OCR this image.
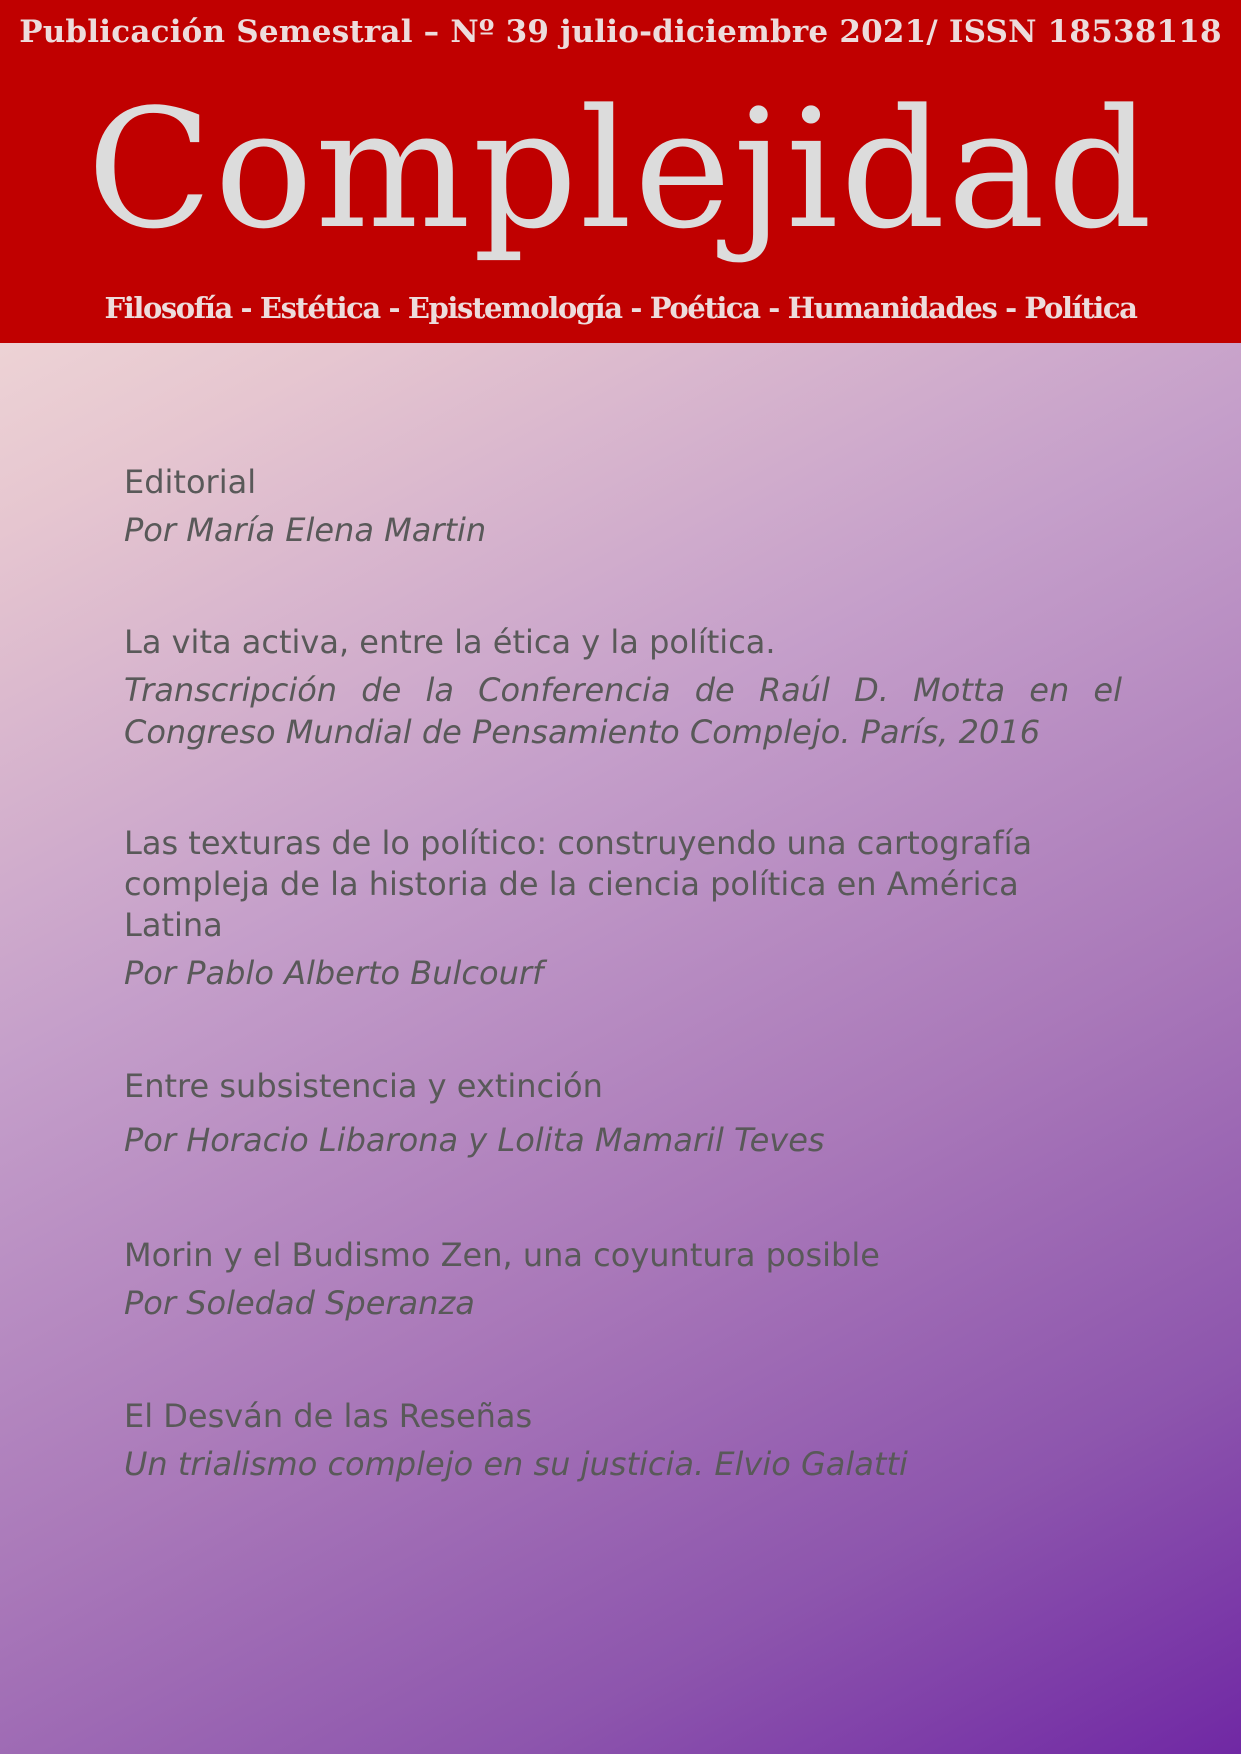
Publicación Semestral – Nº 39 julio-diciembre 2021/ ISSN 18538118
Complejidad
Filosofía - Estética - Epistemología - Poética - Humanidades - Política

Editorial

Por María Elena Martin

La vita activa, entre la ética y la política.

Transcripción de la Conferencia de Raúl D. Motta en el Congreso Mundial de Pensamiento Complejo. París, 2016

Las texturas de lo político: construyendo una cartografía compleja de la historia de la ciencia política en América Latina

Por Pablo Alberto Bulcourf

Entre subsistencia y extinción

Por Horacio Libarona y Lolita Mamaril Teves

Morin y el Budismo Zen, una coyuntura posible

Por Soledad Speranza

El Desván de las Reseñas

Un trialismo complejo en su justicia. Elvio Galatti
